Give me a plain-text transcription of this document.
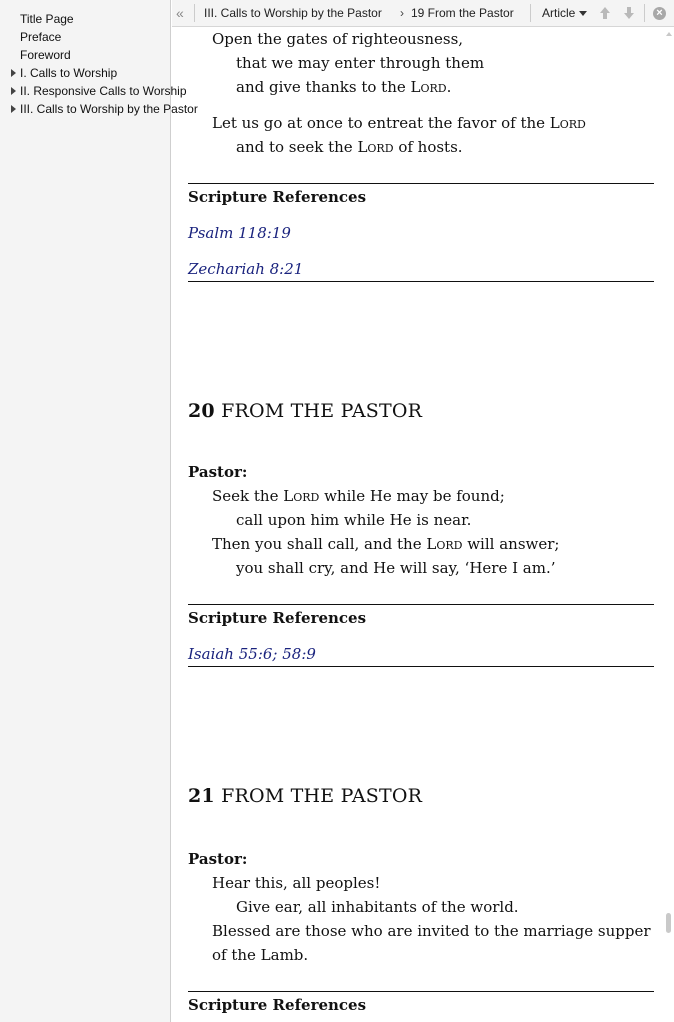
Title Page
Preface
Foreword
I. Calls to Worship
II. Responsive Calls to Worship
III. Calls to Worship by the Pastor
« III. Calls to Worship by the Pastor	› 19 From the Pastor Article	×
Open the gates of righteousness,
that we may enter through them
and give thanks to the Lord.
Let us go at once to entreat the favor of the Lord
and to seek the Lord of hosts.
Scripture References
Psalm 118:19
Zechariah 8:21
20 FROM THE PASTOR
Pastor:
Seek the Lord while He may be found;
call upon him while He is near.
Then you shall call, and the Lord will answer;
you shall cry, and He will say, ‘Here I am.’
Scripture References
Isaiah 55:6; 58:9
21 FROM THE PASTOR
Pastor:
Hear this, all peoples!
Give ear, all inhabitants of the world.
Blessed are those who are invited to the marriage supper of the Lamb.
Scripture References
